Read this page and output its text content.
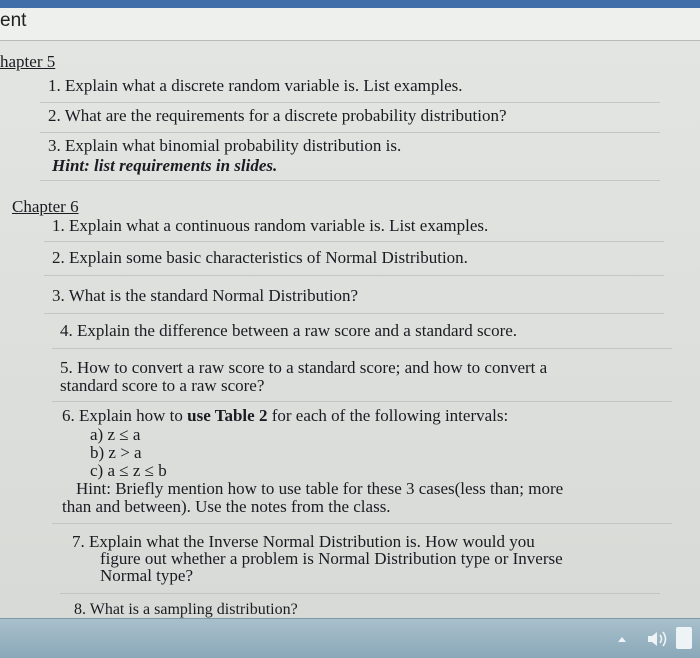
ent
hapter 5
1. Explain what a discrete random variable is. List examples.
2. What are the requirements for a discrete probability distribution?
3. Explain what binomial probability distribution is.
Hint: list requirements in slides.
Chapter 6
1. Explain what a continuous random variable is. List examples.
2. Explain some basic characteristics of Normal Distribution.
3. What is the standard Normal Distribution?
4. Explain the difference between a raw score and a standard score.
5. How to convert a raw score to a standard score; and how to convert a
standard score to a raw score?
6. Explain how to use Table 2 for each of the following intervals:
a) z ≤ a
b) z > a
c) a ≤ z ≤ b
Hint: Briefly mention how to use table for these 3 cases(less than; more
than and between). Use the notes from the class.
7. Explain what the Inverse Normal Distribution is. How would you
figure out whether a problem is Normal Distribution type or Inverse
Normal type?
8. What is a sampling distribution?
